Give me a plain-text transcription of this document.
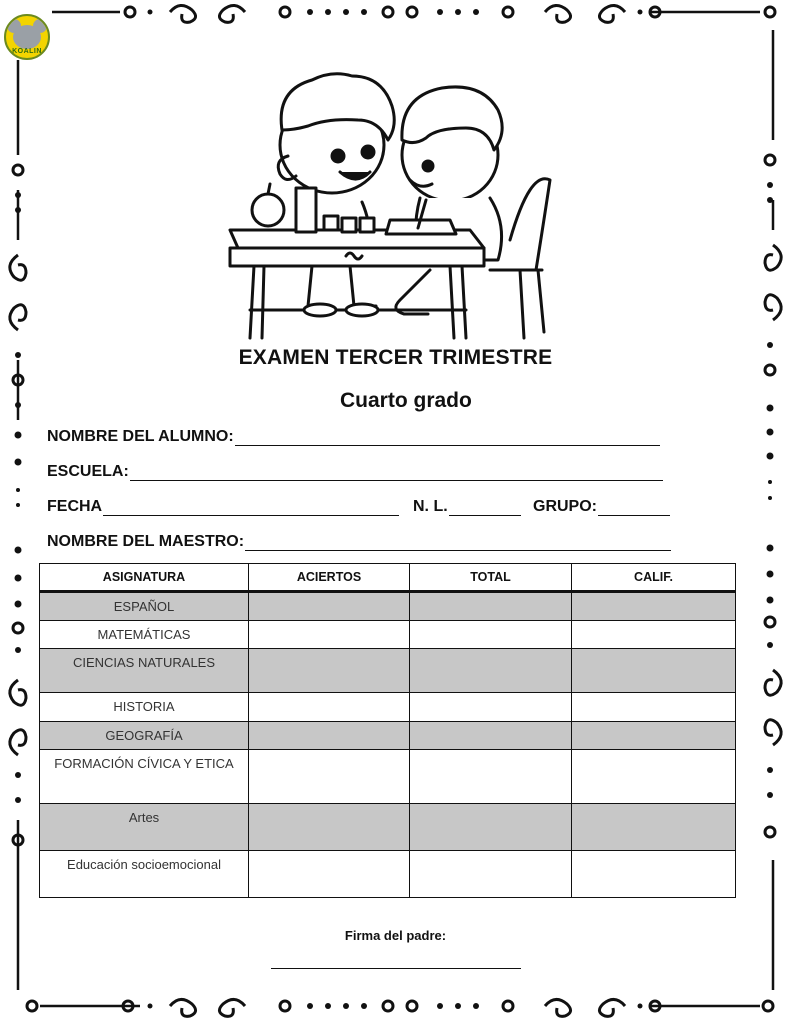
KOALIN
EXAMEN TERCER TRIMESTRE
Cuarto grado
NOMBRE DEL ALUMNO:
ESCUELA:
FECHA	N. L.	GRUPO:
NOMBRE DEL MAESTRO:
ASIGNATURA	ACIERTOS	TOTAL	CALIF.
ESPAÑOL			
MATEMÁTICAS			
CIENCIAS NATURALES			
HISTORIA			
GEOGRAFÍA			
FORMACIÓN CÍVICA Y ETICA			
Artes			
Educación socioemocional			
Firma del padre:
